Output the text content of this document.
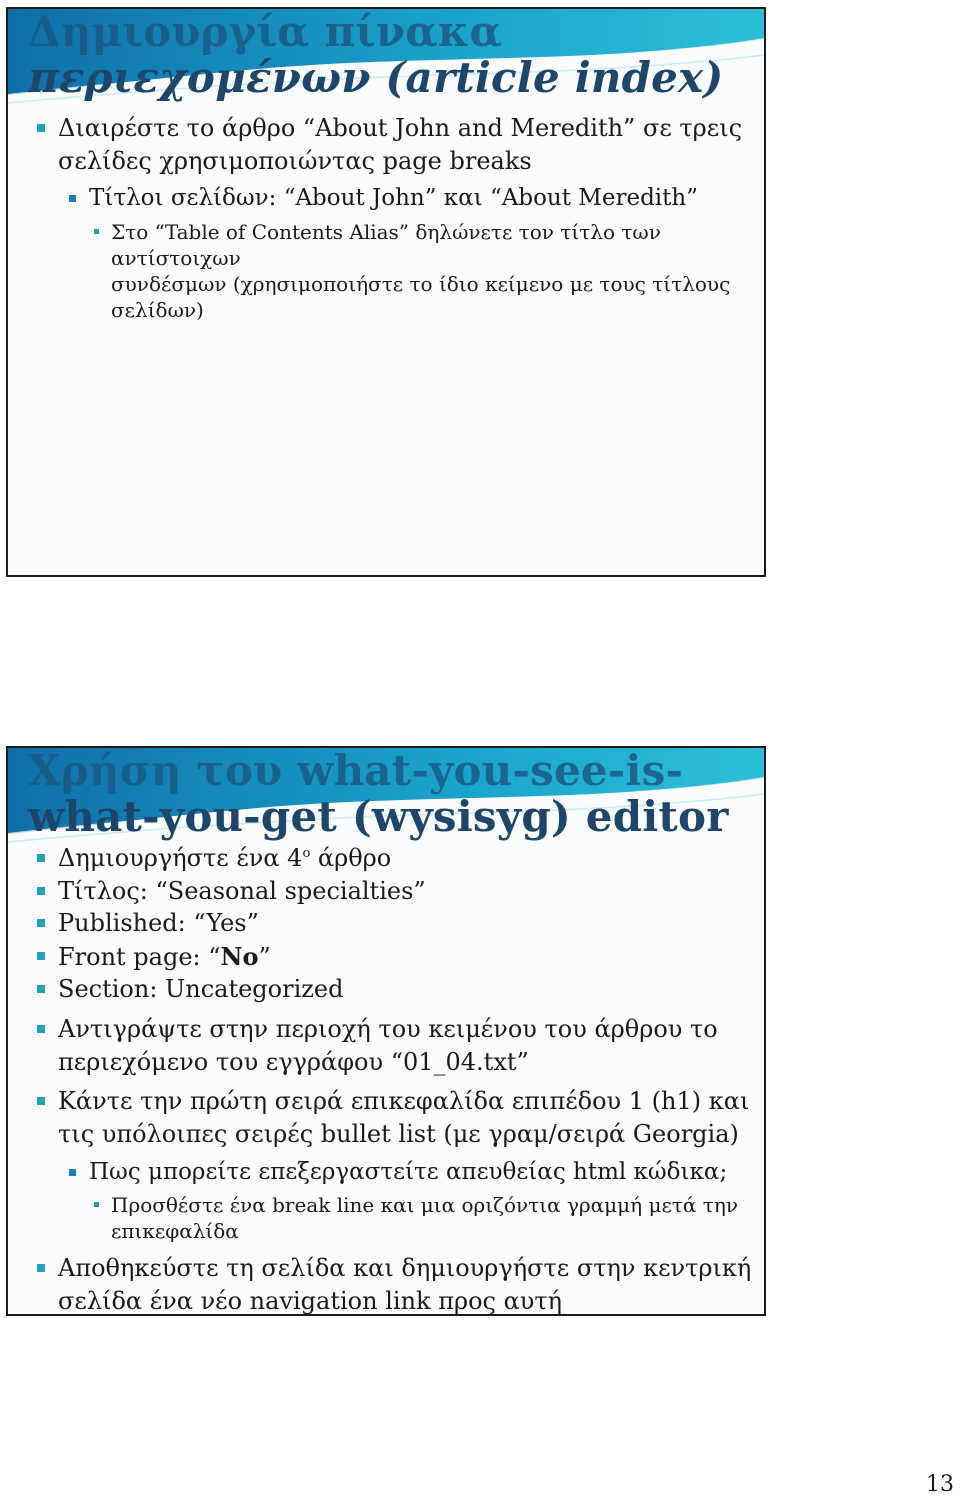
Δημιουργία πίνακα
περιεχομένων (article index)
Διαιρέστε το άρθρο “About John and Meredith” σε τρεις
σελίδες χρησιμοποιώντας page breaks
Τίτλοι σελίδων: “About John” και “About Meredith”
Στο “Table of Contents Alias” δηλώνετε τον τίτλο των αντίστοιχων
συνδέσμων (χρησιμοποιήστε το ίδιο κείμενο με τους τίτλους
σελίδων)
Χρήση του what-you-see-is-
what-you-get (wysisyg) editor
Δημιουργήστε ένα $4^o$ άρθρο
Τίτλος: “Seasonal specialties”
Published: “Yes”
Front page: “No”
Section: Uncategorized
Αντιγράψτε στην περιοχή του κειμένου του άρθρου το
περιεχόμενο του εγγράφου “01_04.txt”
Κάντε την πρώτη σειρά επικεφαλίδα επιπέδου 1 (h1) και
τις υπόλοιπες σειρές bullet list (με γραμ/σειρά Georgia)
Πως μπορείτε επεξεργαστείτε απευθείας html κώδικα;
Προσθέστε ένα break line και μια οριζόντια γραμμή μετά την
επικεφαλίδα
Αποθηκεύστε τη σελίδα και δημιουργήστε στην κεντρική
σελίδα ένα νέο navigation link προς αυτή
13
